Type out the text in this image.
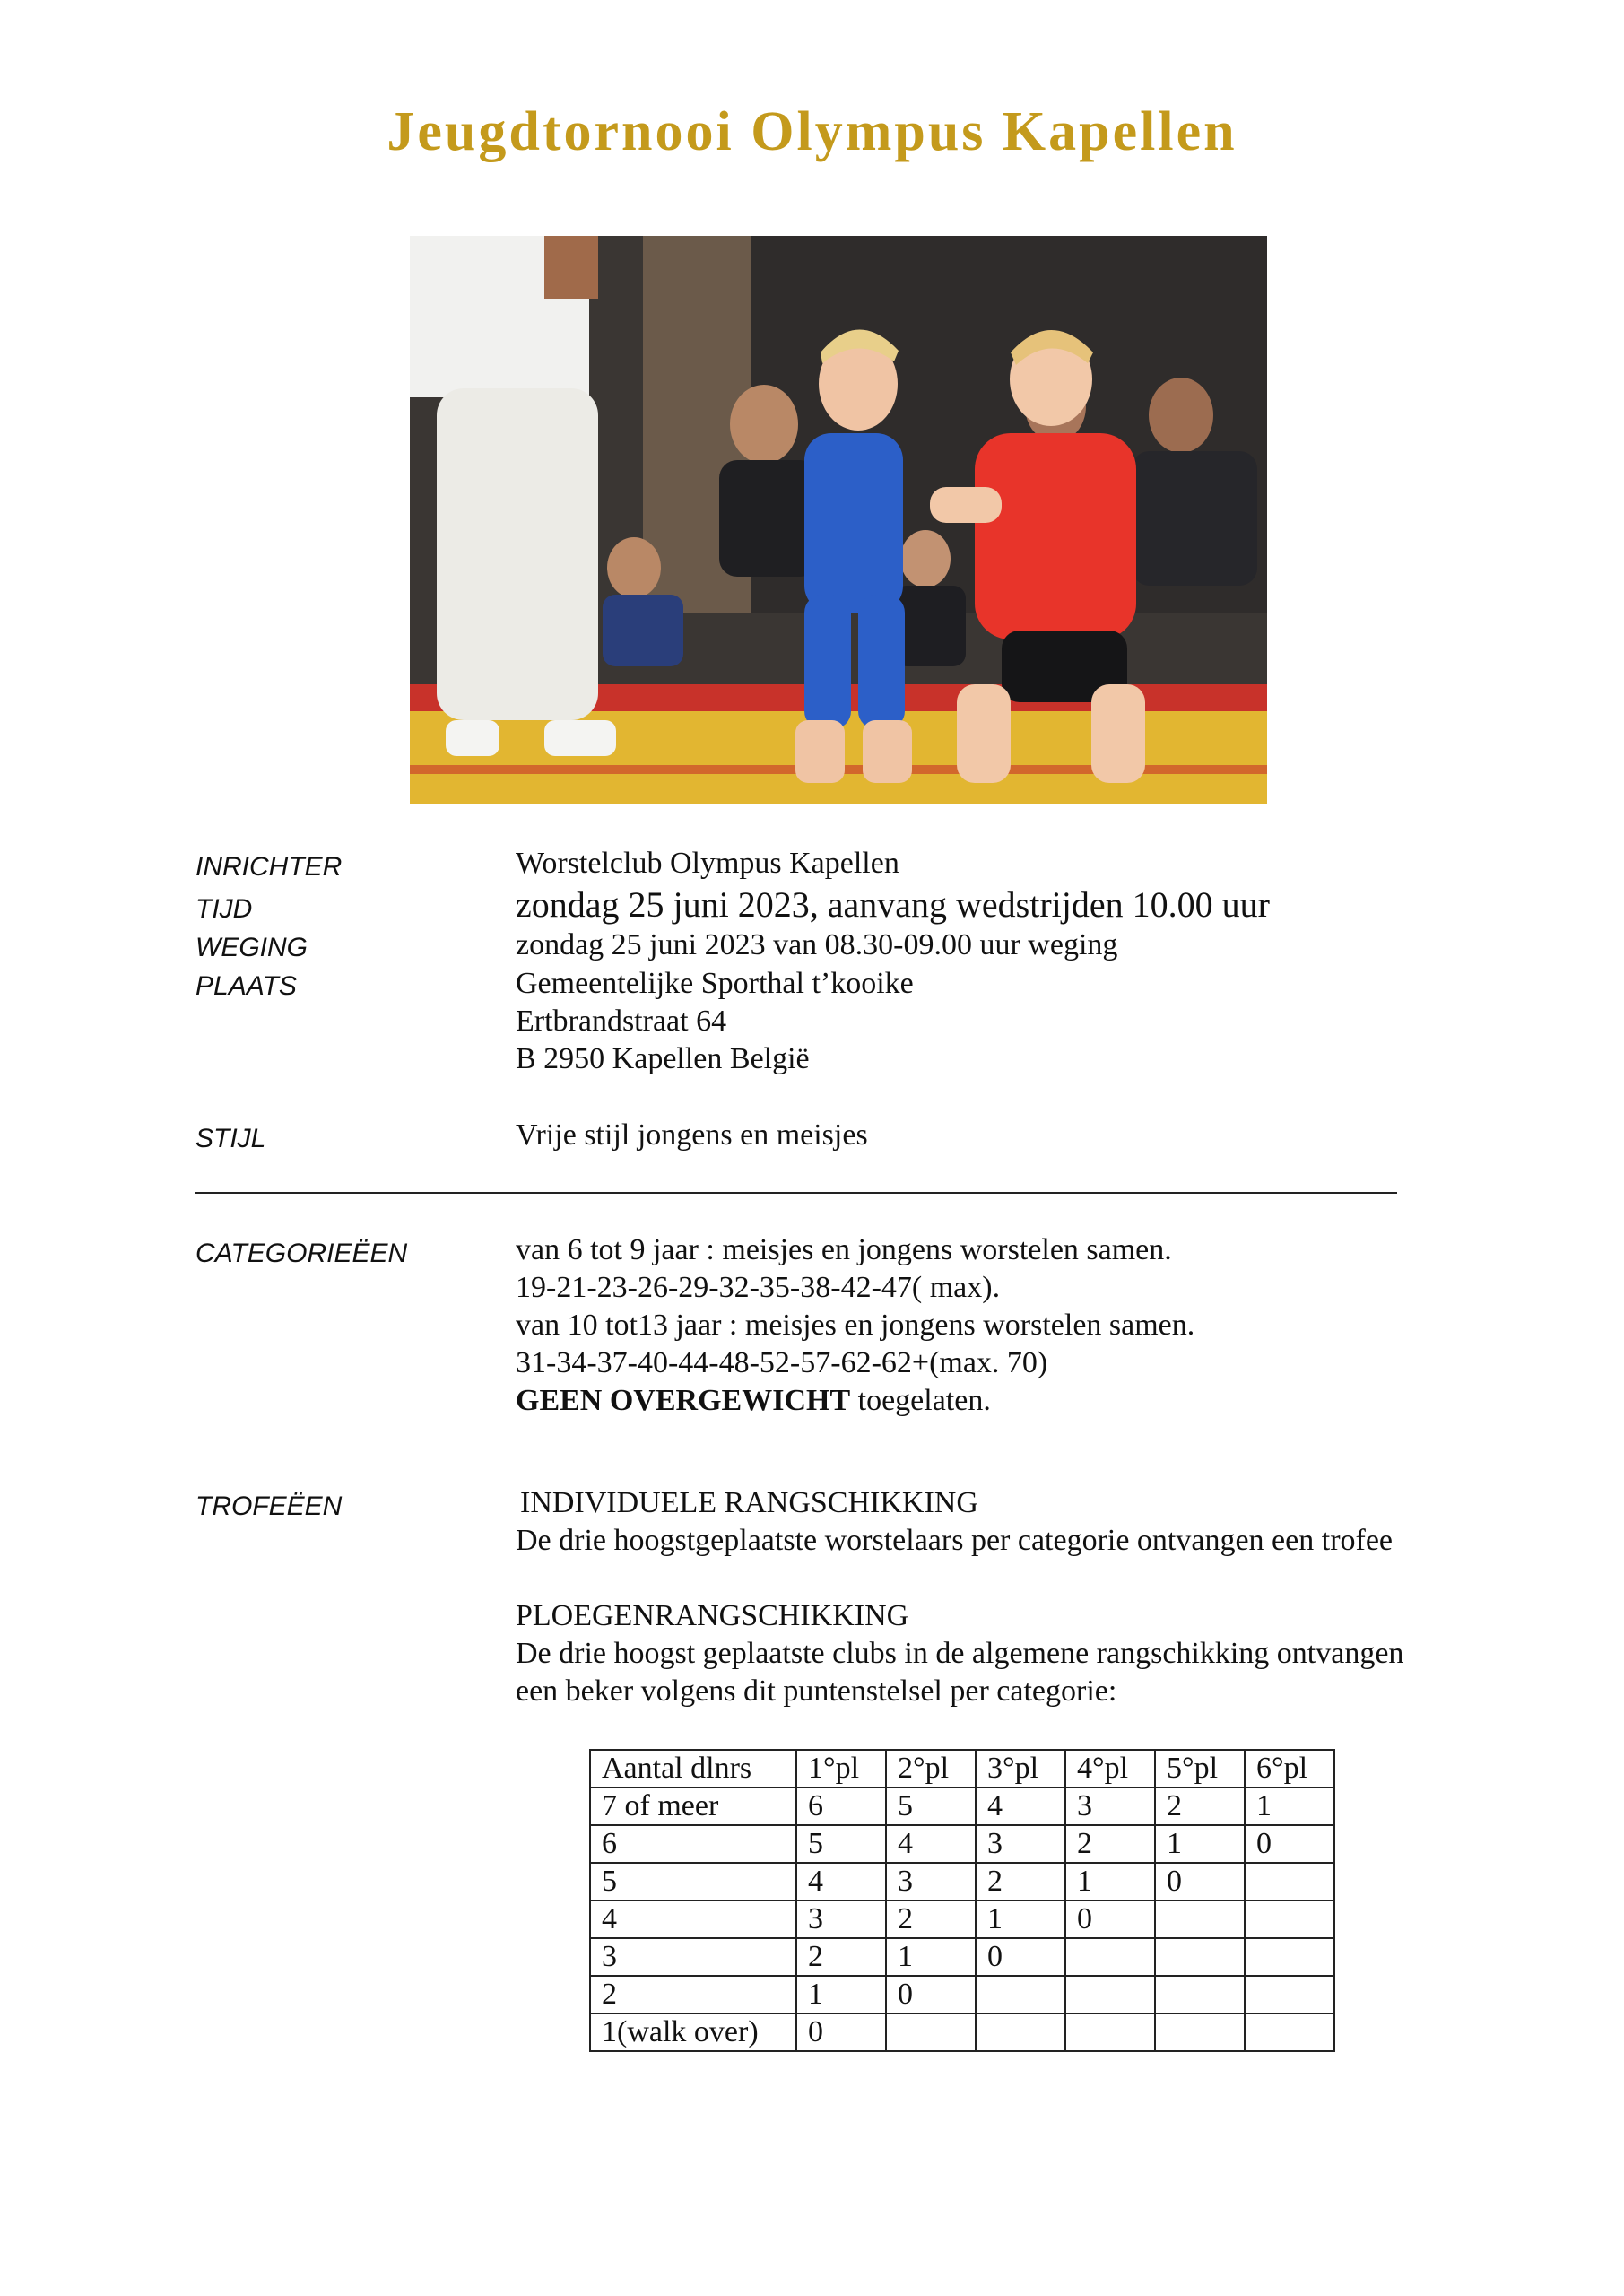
Jeugdtornooi Olympus Kapellen
INRICHTER	Worstelclub Olympus Kapellen
TIJD	zondag 25 juni 2023, aanvang wedstrijden 10.00 uur
WEGING	zondag 25 juni 2023 van 08.30-09.00 uur weging
PLAATS	Gemeentelijke Sporthal t’kooike
Ertbrandstraat 64
B 2950 Kapellen België
STIJL	Vrije stijl jongens en meisjes
CATEGORIEËEN	van 6 tot 9 jaar : meisjes en jongens worstelen samen.
19-21-23-26-29-32-35-38-42-47( max).
van 10 tot13 jaar : meisjes en jongens worstelen samen.
31-34-37-40-44-48-52-57-62-62+(max. 70)
GEEN OVERGEWICHT toegelaten.
TROFEËEN	INDIVIDUELE RANGSCHIKKING
De drie hoogstgeplaatste worstelaars per categorie ontvangen een trofee
PLOEGENRANGSCHIKKING
De drie hoogst geplaatste clubs in de algemene rangschikking ontvangen
een beker volgens dit puntenstelsel per categorie:
Aantal dlnrs	1°pl	2°pl	3°pl	4°pl	5°pl	6°pl
7 of meer	6	5	4	3	2	1
6	5	4	3	2	1	0
5	4	3	2	1	0	
4	3	2	1	0		
3	2	1	0			
2	1	0				
1(walk over)	0					
